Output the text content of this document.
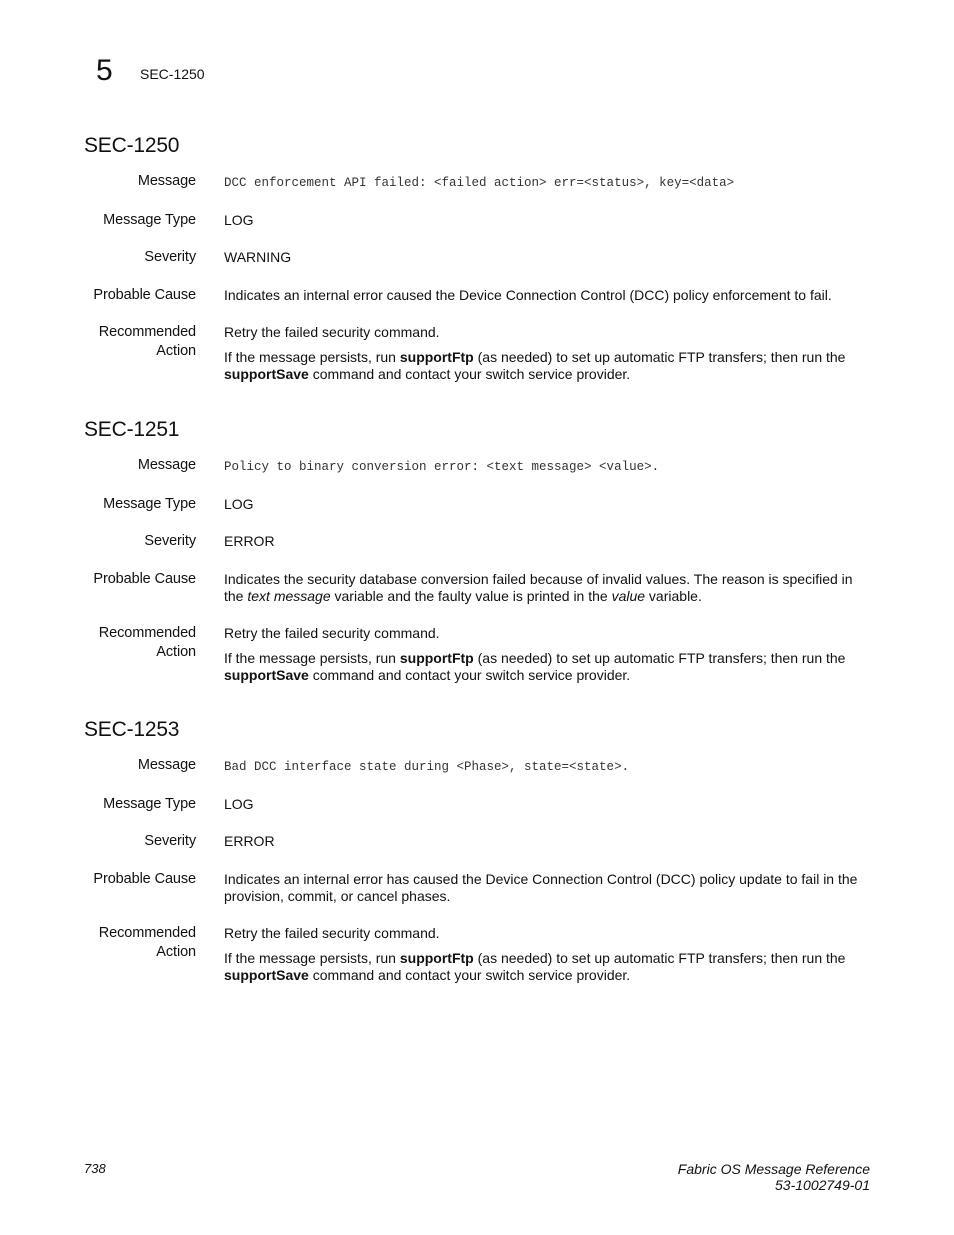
5 SEC-1250
SEC-1250
Message DCC enforcement API failed: <failed action> err=<status>, key=<data>
Message Type LOG
Severity WARNING
Probable Cause Indicates an internal error caused the Device Connection Control (DCC) policy enforcement to fail.
Recommended
Action

Retry the failed security command.

If the message persists, run supportFtp (as needed) to set up automatic FTP transfers; then run the supportSave command and contact your switch service provider.

SEC-1251
Message Policy to binary conversion error: <text message> <value>.
Message Type LOG
Severity ERROR
Probable Cause Indicates the security database conversion failed because of invalid values. The reason is specified in the text message variable and the faulty value is printed in the value variable.
Recommended
Action

Retry the failed security command.

If the message persists, run supportFtp (as needed) to set up automatic FTP transfers; then run the supportSave command and contact your switch service provider.

SEC-1253
Message Bad DCC interface state during <Phase>, state=<state>.
Message Type LOG
Severity ERROR
Probable Cause Indicates an internal error has caused the Device Connection Control (DCC) policy update to fail in the provision, commit, or cancel phases.
Recommended
Action

Retry the failed security command.

If the message persists, run supportFtp (as needed) to set up automatic FTP transfers; then run the supportSave command and contact your switch service provider.

738	Fabric OS Message Reference
53-1002749-01
